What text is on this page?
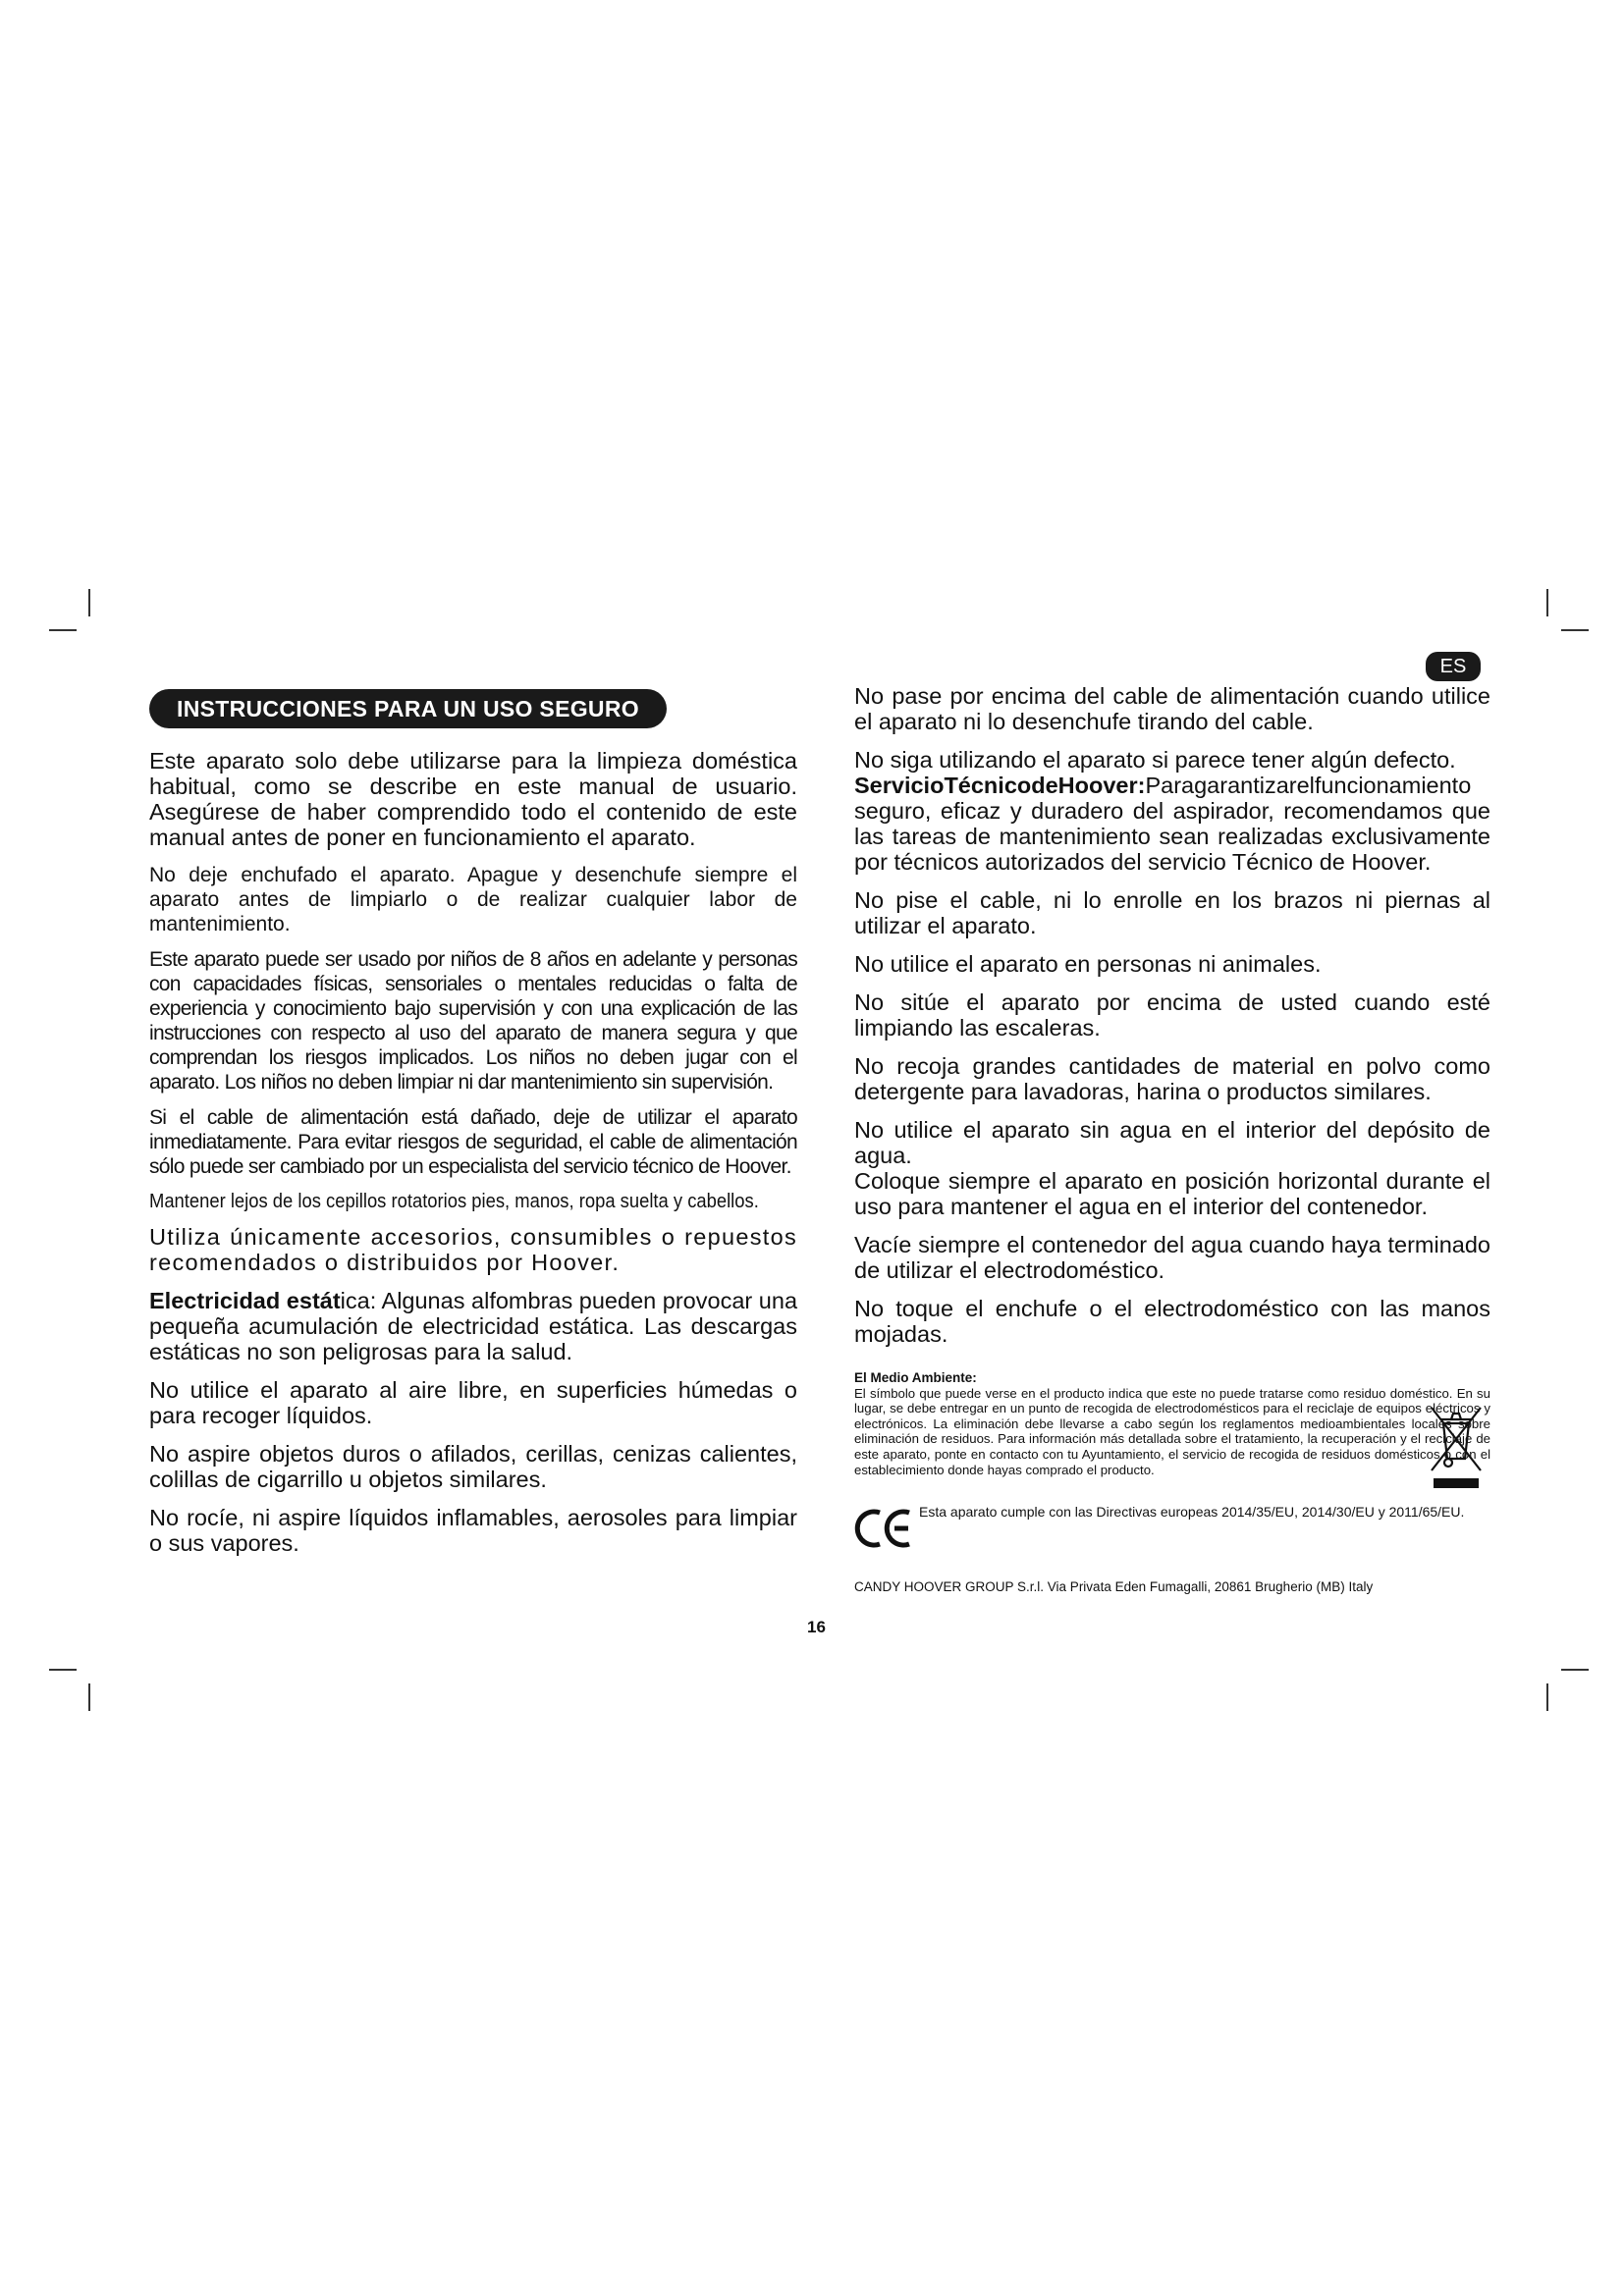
ES
INSTRUCCIONES PARA UN USO SEGURO

Este aparato solo debe utilizarse para la limpieza doméstica habitual, como se describe en este manual de usuario. Asegúrese de haber comprendido todo el contenido de este manual antes de poner en funcionamiento el aparato.

No deje enchufado el aparato. Apague y desenchufe siempre el aparato antes de limpiarlo o de realizar cualquier labor de mantenimiento.

Este aparato puede ser usado por niños de 8 años en adelante y personas con capacidades físicas, sensoriales o mentales reducidas o falta de experiencia y conocimiento bajo supervisión y con una explicación de las instrucciones con respecto al uso del aparato de manera segura y que comprendan los riesgos implicados. Los niños no deben jugar con el aparato. Los niños no deben limpiar ni dar mantenimiento sin supervisión.

Si el cable de alimentación está dañado, deje de utilizar el aparato inmediatamente. Para evitar riesgos de seguridad, el cable de alimentación sólo puede ser cambiado por un especialista del servicio técnico de Hoover.

Mantener lejos de los cepillos rotatorios pies, manos, ropa suelta y cabellos.

Utiliza únicamente accesorios, consumibles o repuestos recomendados o distribuidos por Hoover.

Electricidad estática: Algunas alfombras pueden provocar una pequeña acumulación de electricidad estática. Las descargas estáticas no son peligrosas para la salud.

No utilice el aparato al aire libre, en superficies húmedas o para recoger líquidos.

No aspire objetos duros o afilados, cerillas, cenizas calientes, colillas de cigarrillo u objetos similares.

No rocíe, ni aspire líquidos inflamables, aerosoles para limpiar o sus vapores.

No pase por encima del cable de alimentación cuando utilice el aparato ni lo desenchufe tirando del cable.

No siga utilizando el aparato si parece tener algún defecto.

ServicioTécnicodeHoover:Paragarantizarelfuncionamiento seguro, eficaz y duradero del aspirador, recomendamos que las tareas de mantenimiento sean realizadas exclusivamente por técnicos autorizados del servicio Técnico de Hoover.

No pise el cable, ni lo enrolle en los brazos ni piernas al utilizar el aparato.

No utilice el aparato en personas ni animales.

No sitúe el aparato por encima de usted cuando esté limpiando las escaleras.

No recoja grandes cantidades de material en polvo como detergente para lavadoras, harina o productos similares.

No utilice el aparato sin agua en el interior del depósito de agua.

Coloque siempre el aparato en posición horizontal durante el uso para mantener el agua en el interior del contenedor.

Vacíe siempre el contenedor del agua cuando haya terminado de utilizar el electrodoméstico.

No toque el enchufe o el electrodoméstico con las manos mojadas.

El Medio Ambiente:
El símbolo que puede verse en el producto indica que este no puede tratarse como residuo doméstico. En su lugar, se debe entregar en un punto de recogida de electrodomésticos para el reciclaje de equipos eléctricos y electrónicos. La eliminación debe llevarse a cabo según los reglamentos medioambientales locales sobre eliminación de residuos. Para información más detallada sobre el tratamiento, la recuperación y el reciclaje de este aparato, ponte en contacto con tu Ayuntamiento, el servicio de recogida de residuos domésticos o con el establecimiento donde hayas comprado el producto.
Esta aparato cumple con las Directivas europeas 2014/35/EU, 2014/30/EU y 2011/65/EU.
CANDY HOOVER GROUP S.r.l. Via Privata Eden Fumagalli, 20861 Brugherio (MB) Italy
16
